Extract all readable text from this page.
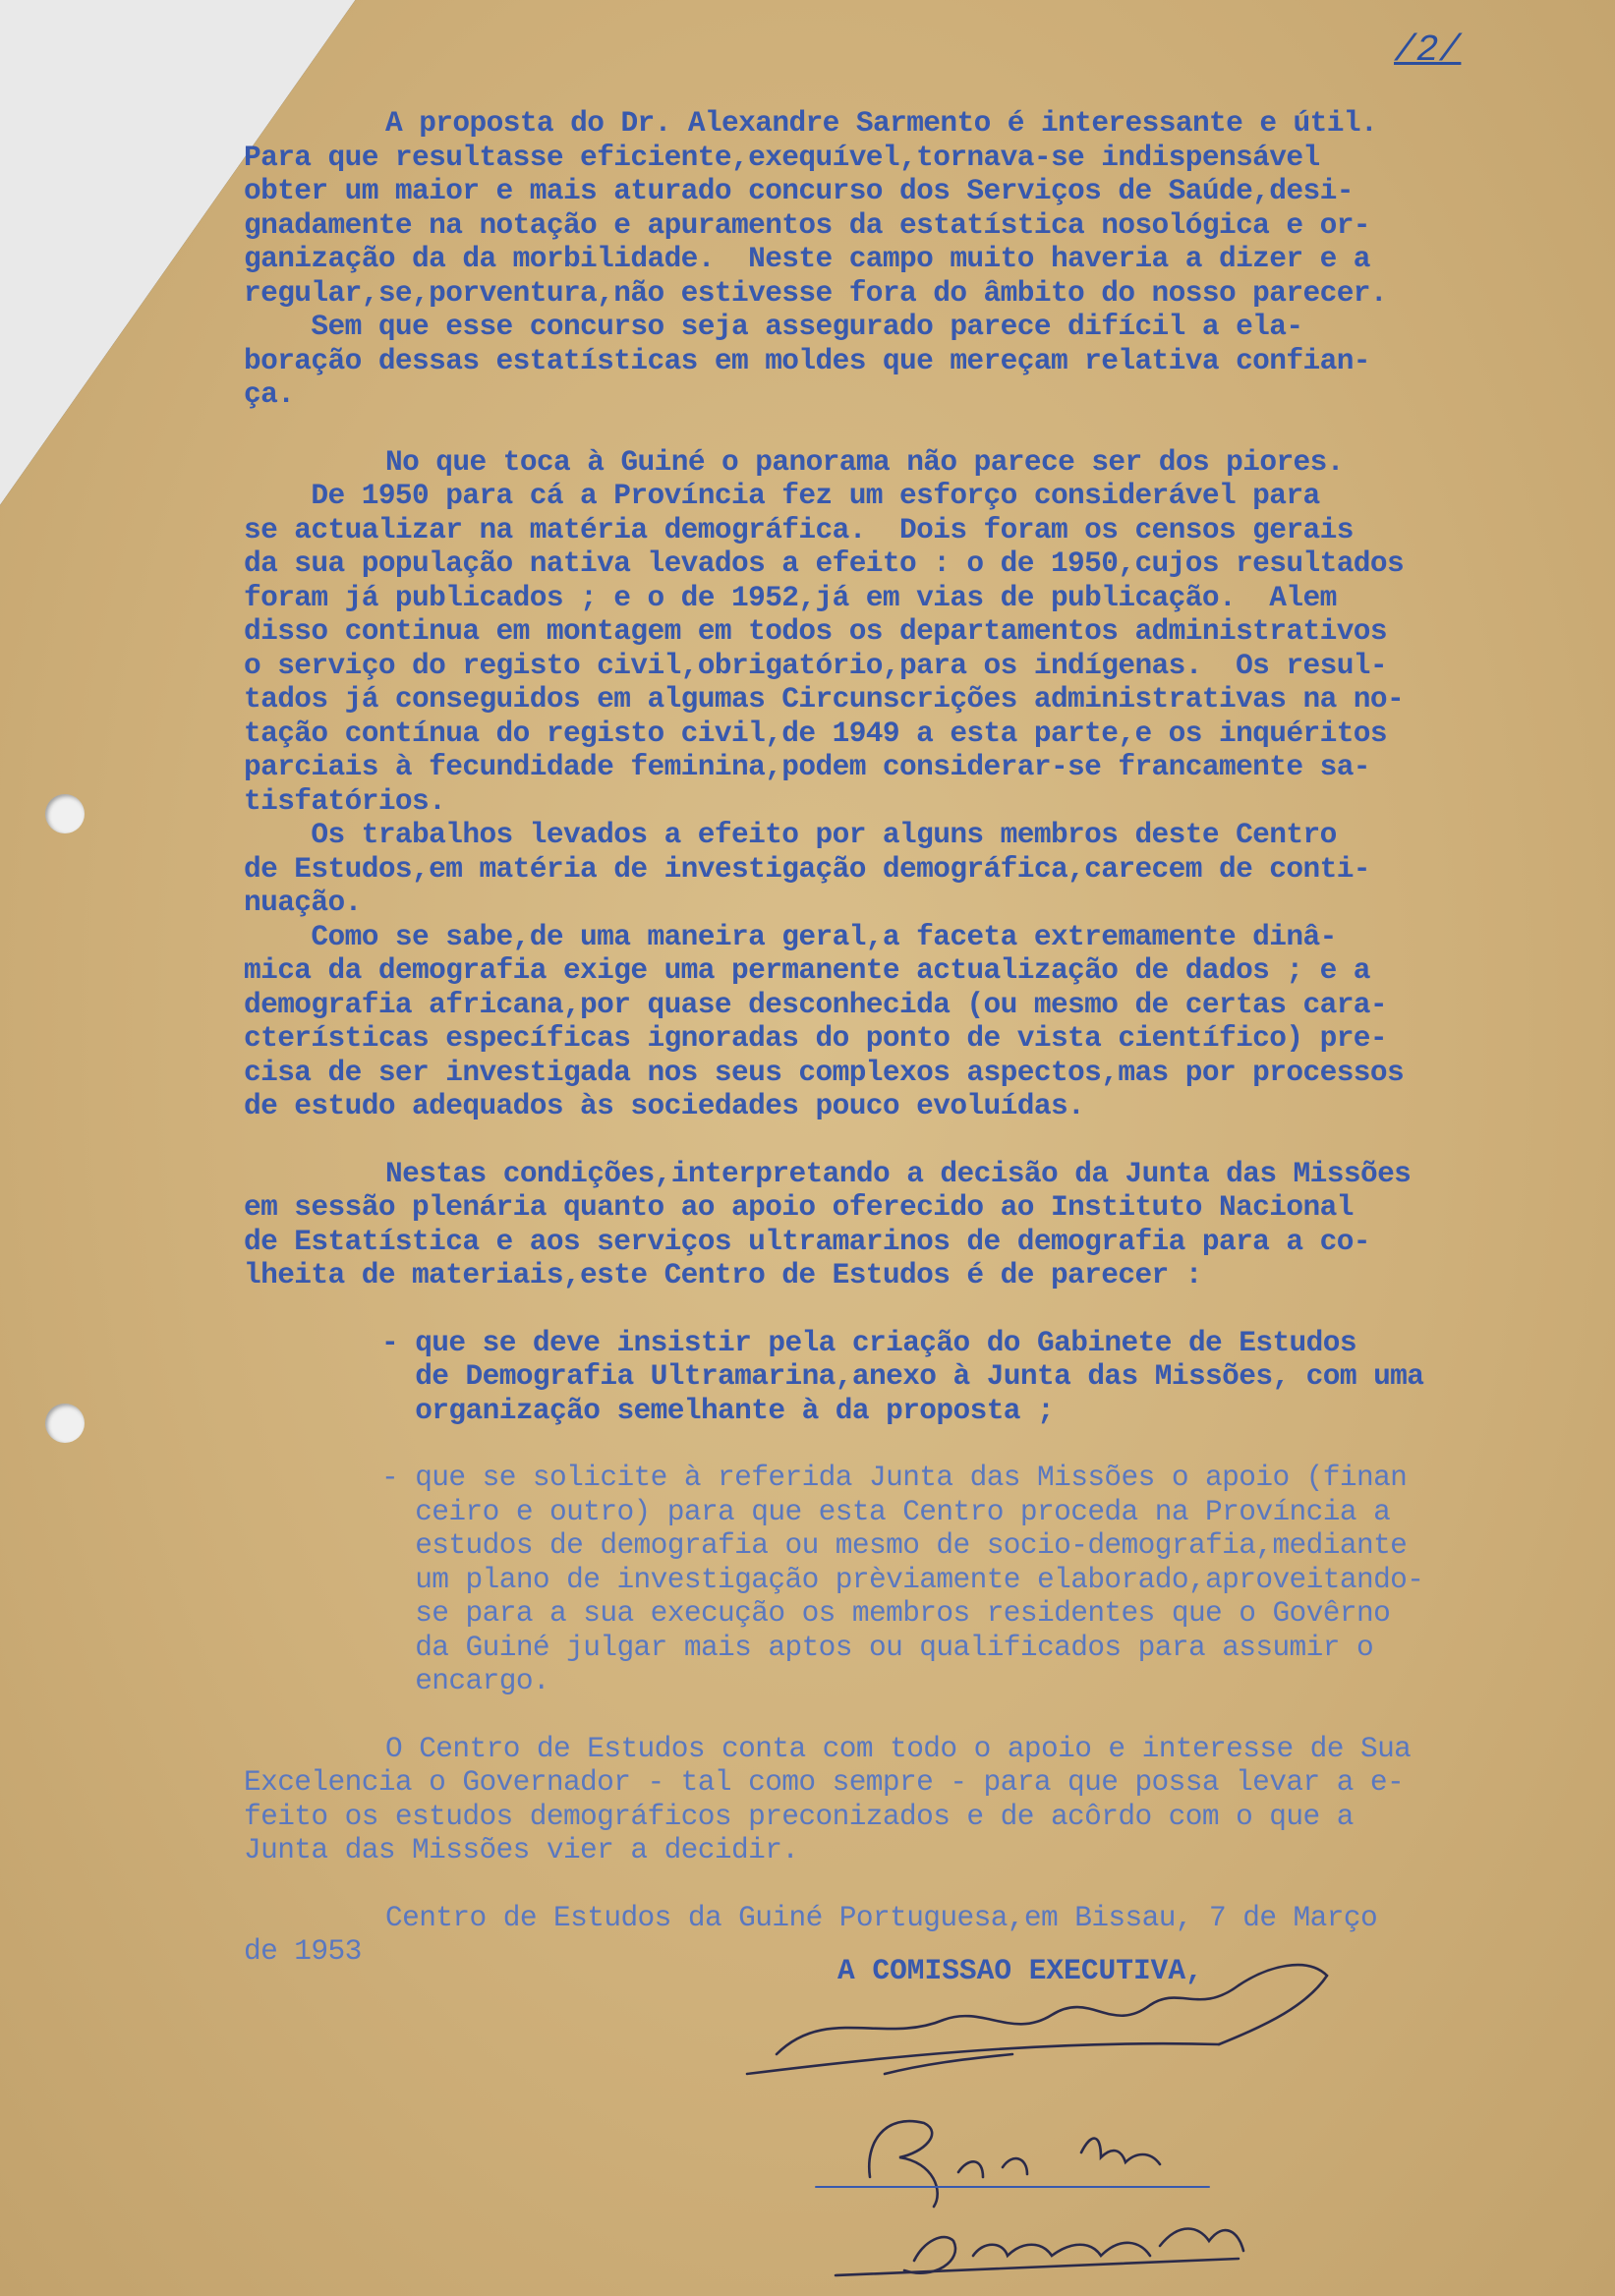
/2/
A proposta do Dr. Alexandre Sarmento é interessante e útil.
Para que resultasse eficiente,exequível,tornava-se indispensável
obter um maior e mais aturado concurso dos Serviços de Saúde,desi-
gnadamente na notação e apuramentos da estatística nosológica e or-
ganização da da morbilidade.  Neste campo muito haveria a dizer e a
regular,se,porventura,não estivesse fora do âmbito do nosso parecer.
Sem que esse concurso seja assegurado parece difícil a ela-
boração dessas estatísticas em moldes que mereçam relativa confian-
ça.
No que toca à Guiné o panorama não parece ser dos piores.
De 1950 para cá a Província fez um esforço considerável para
se actualizar na matéria demográfica.  Dois foram os censos gerais
da sua população nativa levados a efeito : o de 1950,cujos resultados
foram já publicados ; e o de 1952,já em vias de publicação.  Alem
disso continua em montagem em todos os departamentos administrativos
o serviço do registo civil,obrigatório,para os indígenas.  Os resul-
tados já conseguidos em algumas Circunscrições administrativas na no-
tação contínua do registo civil,de 1949 a esta parte,e os inquéritos
parciais à fecundidade feminina,podem considerar-se francamente sa-
tisfatórios.
Os trabalhos levados a efeito por alguns membros deste Centro
de Estudos,em matéria de investigação demográfica,carecem de conti-
nuação.
Como se sabe,de uma maneira geral,a faceta extremamente dinâ-
mica da demografia exige uma permanente actualização de dados ; e a
demografia africana,por quase desconhecida (ou mesmo de certas cara-
cterísticas específicas ignoradas do ponto de vista científico) pre-
cisa de ser investigada nos seus complexos aspectos,mas por processos
de estudo adequados às sociedades pouco evoluídas.
Nestas condições,interpretando a decisão da Junta das Missões
em sessão plenária quanto ao apoio oferecido ao Instituto Nacional
de Estatística e aos serviços ultramarinos de demografia para a co-
lheita de materiais,este Centro de Estudos é de parecer :
- que se deve insistir pela criação do Gabinete de Estudos
de Demografia Ultramarina,anexo à Junta das Missões, com uma
organização semelhante à da proposta ;
- que se solicite à referida Junta das Missões o apoio (finan
ceiro e outro) para que esta Centro proceda na Província a
estudos de demografia ou mesmo de socio-demografia,mediante
um plano de investigação prèviamente elaborado,aproveitando-
se para a sua execução os membros residentes que o Govêrno
da Guiné julgar mais aptos ou qualificados para assumir o
encargo.
O Centro de Estudos conta com todo o apoio e interesse de Sua
Excelencia o Governador - tal como sempre - para que possa levar a e-
feito os estudos demográficos preconizados e de acôrdo com o que a
Junta das Missões vier a decidir.
Centro de Estudos da Guiné Portuguesa,em Bissau, 7 de Março
de 1953
A COMISSAO EXECUTIVA,
